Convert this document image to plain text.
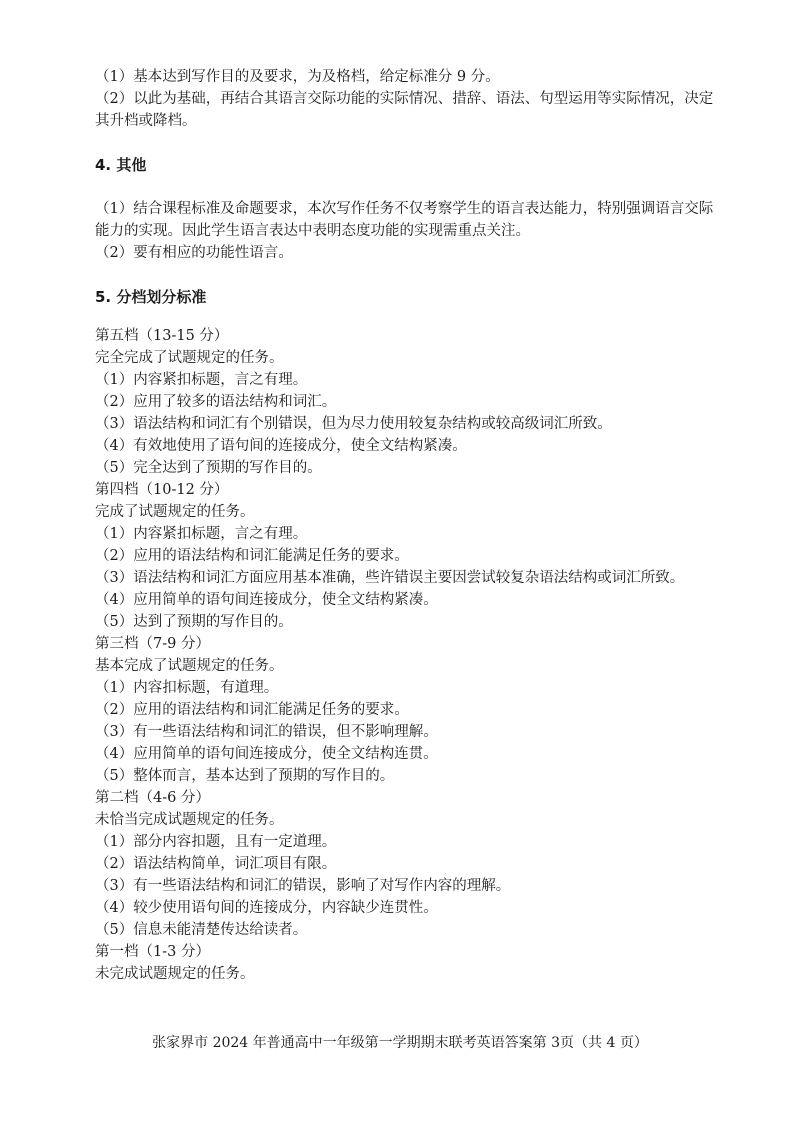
（1）基本达到写作目的及要求，为及格档，给定标准分 9 分。
（2）以此为基础，再结合其语言交际功能的实际情况、措辞、语法、句型运用等实际情况，决定其升档或降档。
4. 其他
（1）结合课程标准及命题要求，本次写作任务不仅考察学生的语言表达能力，特别强调语言交际能力的实现。因此学生语言表达中表明态度功能的实现需重点关注。
（2）要有相应的功能性语言。
5. 分档划分标准
第五档（13-15 分）
完全完成了试题规定的任务。
（1）内容紧扣标题，言之有理。
（2）应用了较多的语法结构和词汇。
（3）语法结构和词汇有个别错误，但为尽力使用较复杂结构或较高级词汇所致。
（4）有效地使用了语句间的连接成分，使全文结构紧凑。
（5）完全达到了预期的写作目的。
第四档（10-12 分）
完成了试题规定的任务。
（1）内容紧扣标题，言之有理。
（2）应用的语法结构和词汇能满足任务的要求。
（3）语法结构和词汇方面应用基本准确，些许错误主要因尝试较复杂语法结构或词汇所致。
（4）应用简单的语句间连接成分，使全文结构紧凑。
（5）达到了预期的写作目的。
第三档（7-9 分）
基本完成了试题规定的任务。
（1）内容扣标题，有道理。
（2）应用的语法结构和词汇能满足任务的要求。
（3）有一些语法结构和词汇的错误，但不影响理解。
（4）应用简单的语句间连接成分，使全文结构连贯。
（5）整体而言，基本达到了预期的写作目的。
第二档（4-6 分）
未恰当完成试题规定的任务。
（1）部分内容扣题，且有一定道理。
（2）语法结构简单，词汇项目有限。
（3）有一些语法结构和词汇的错误，影响了对写作内容的理解。
（4）较少使用语句间的连接成分，内容缺少连贯性。
（5）信息未能清楚传达给读者。
第一档（1-3 分）
未完成试题规定的任务。
张家界市 2024 年普通高中一年级第一学期期末联考英语答案第 3页（共 4 页）
